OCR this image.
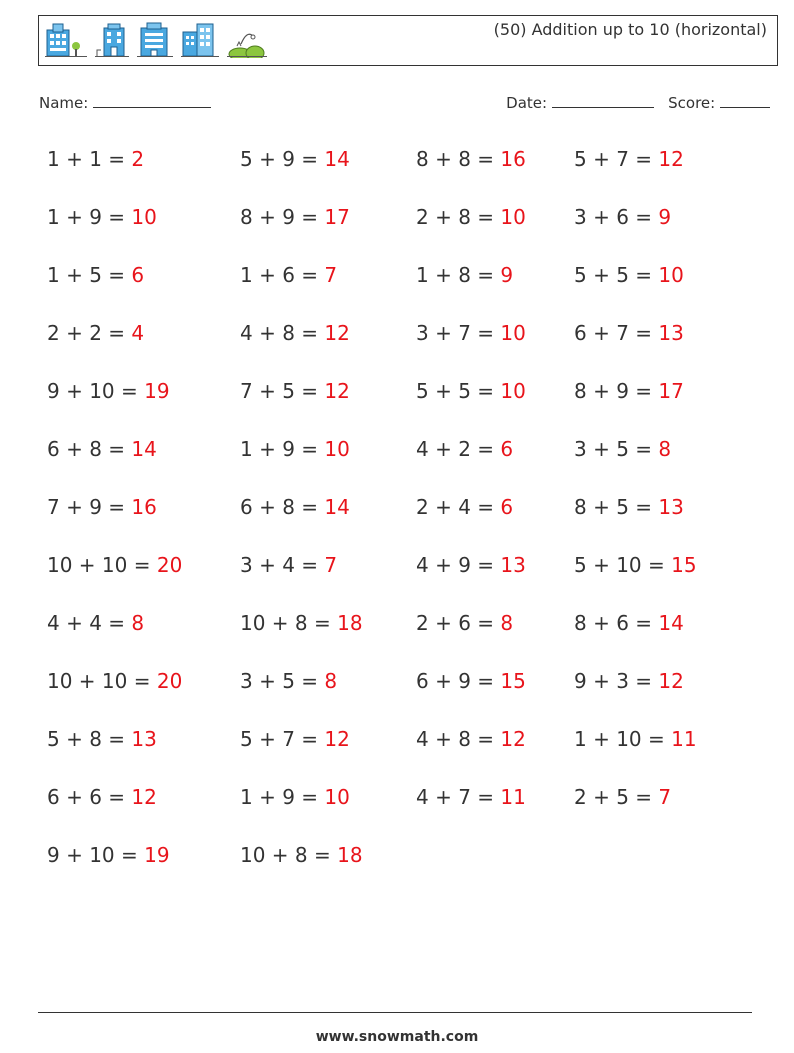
(50) Addition up to 10 (horizontal)
Name:	Date:	Score:
1 + 1 = 2
1 + 9 = 10
1 + 5 = 6
2 + 2 = 4
9 + 10 = 19
6 + 8 = 14
7 + 9 = 16
10 + 10 = 20
4 + 4 = 8
10 + 10 = 20
5 + 8 = 13
6 + 6 = 12
9 + 10 = 19
5 + 9 = 14
8 + 9 = 17
1 + 6 = 7
4 + 8 = 12
7 + 5 = 12
1 + 9 = 10
6 + 8 = 14
3 + 4 = 7
10 + 8 = 18
3 + 5 = 8
5 + 7 = 12
1 + 9 = 10
10 + 8 = 18
8 + 8 = 16
2 + 8 = 10
1 + 8 = 9
3 + 7 = 10
5 + 5 = 10
4 + 2 = 6
2 + 4 = 6
4 + 9 = 13
2 + 6 = 8
6 + 9 = 15
4 + 8 = 12
4 + 7 = 11
5 + 7 = 12
3 + 6 = 9
5 + 5 = 10
6 + 7 = 13
8 + 9 = 17
3 + 5 = 8
8 + 5 = 13
5 + 10 = 15
8 + 6 = 14
9 + 3 = 12
1 + 10 = 11
2 + 5 = 7
www.snowmath.com
